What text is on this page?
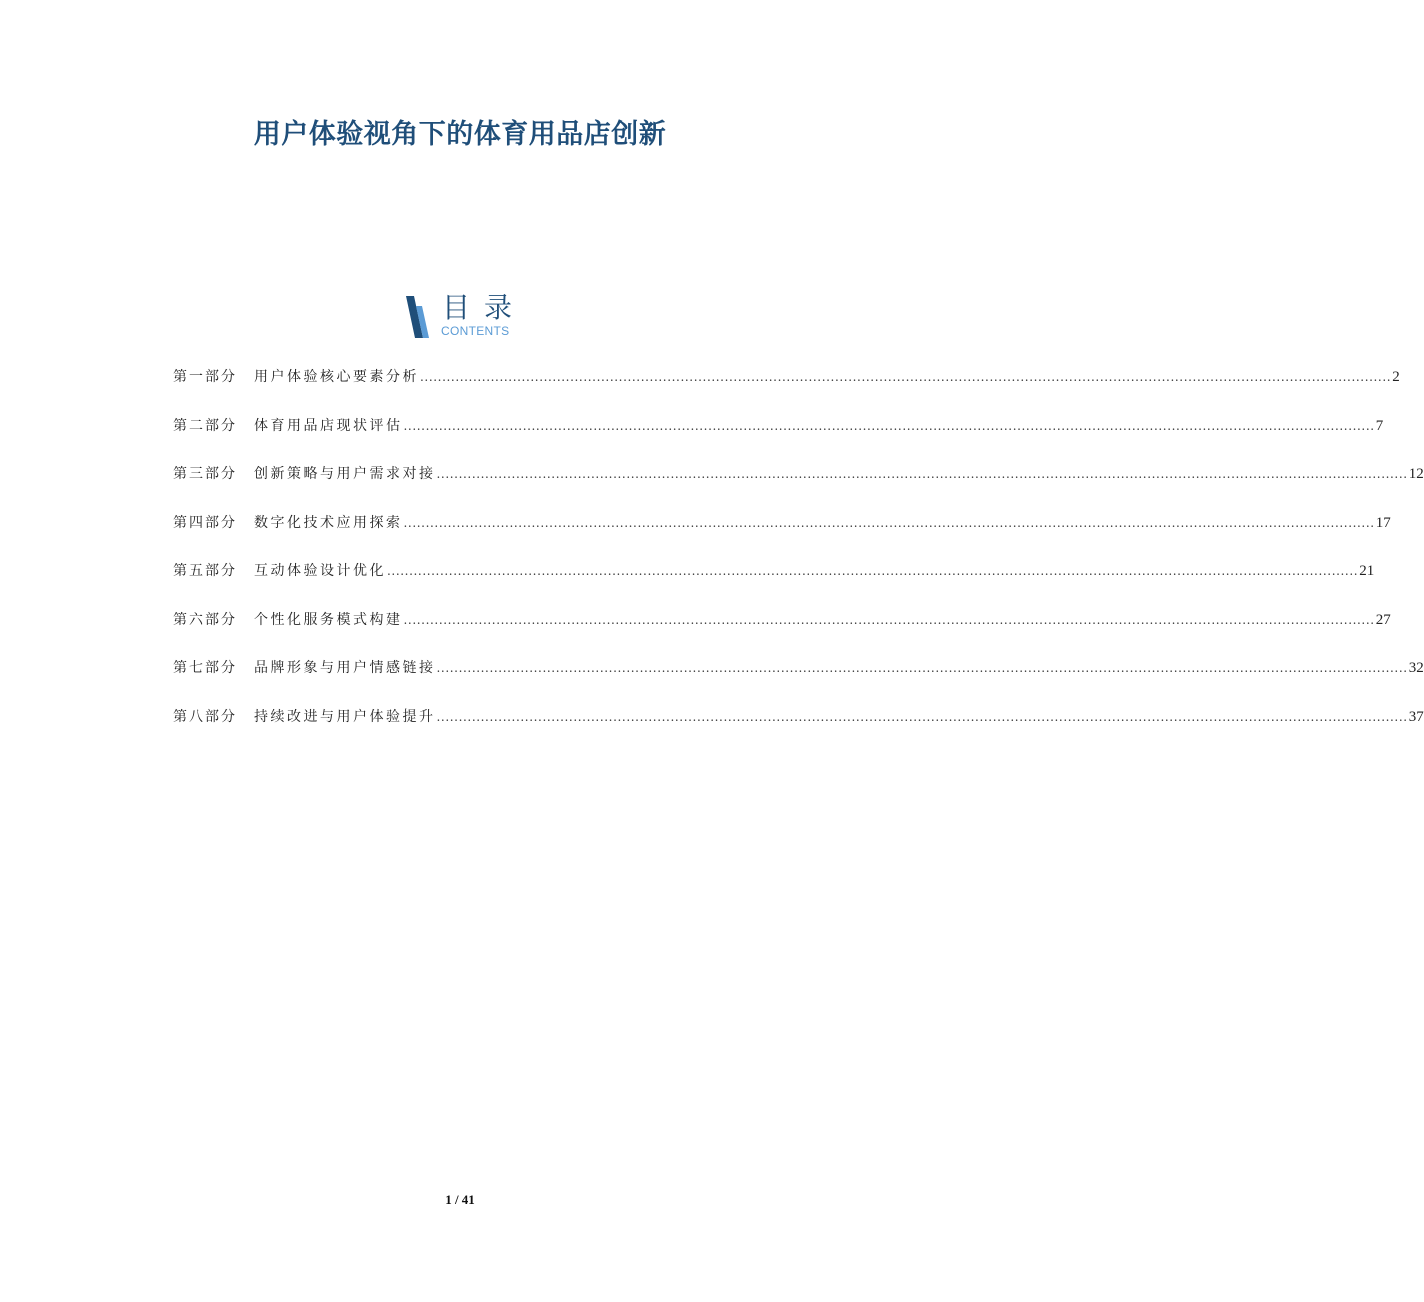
用户体验视角下的体育用品店创新
目录
CONTENTS
第一部分	用户体验核心要素分析 ............................................................................................................................................................................................................................ 2
第二部分	体育用品店现状评估 ............................................................................................................................................................................................................................ 7
第三部分	创新策略与用户需求对接 ............................................................................................................................................................................................................................ 12
第四部分	数字化技术应用探索 ............................................................................................................................................................................................................................ 17
第五部分	互动体验设计优化 ............................................................................................................................................................................................................................ 21
第六部分	个性化服务模式构建 ............................................................................................................................................................................................................................ 27
第七部分	品牌形象与用户情感链接 ............................................................................................................................................................................................................................ 32
第八部分	持续改进与用户体验提升 ............................................................................................................................................................................................................................ 37
1 / 41
